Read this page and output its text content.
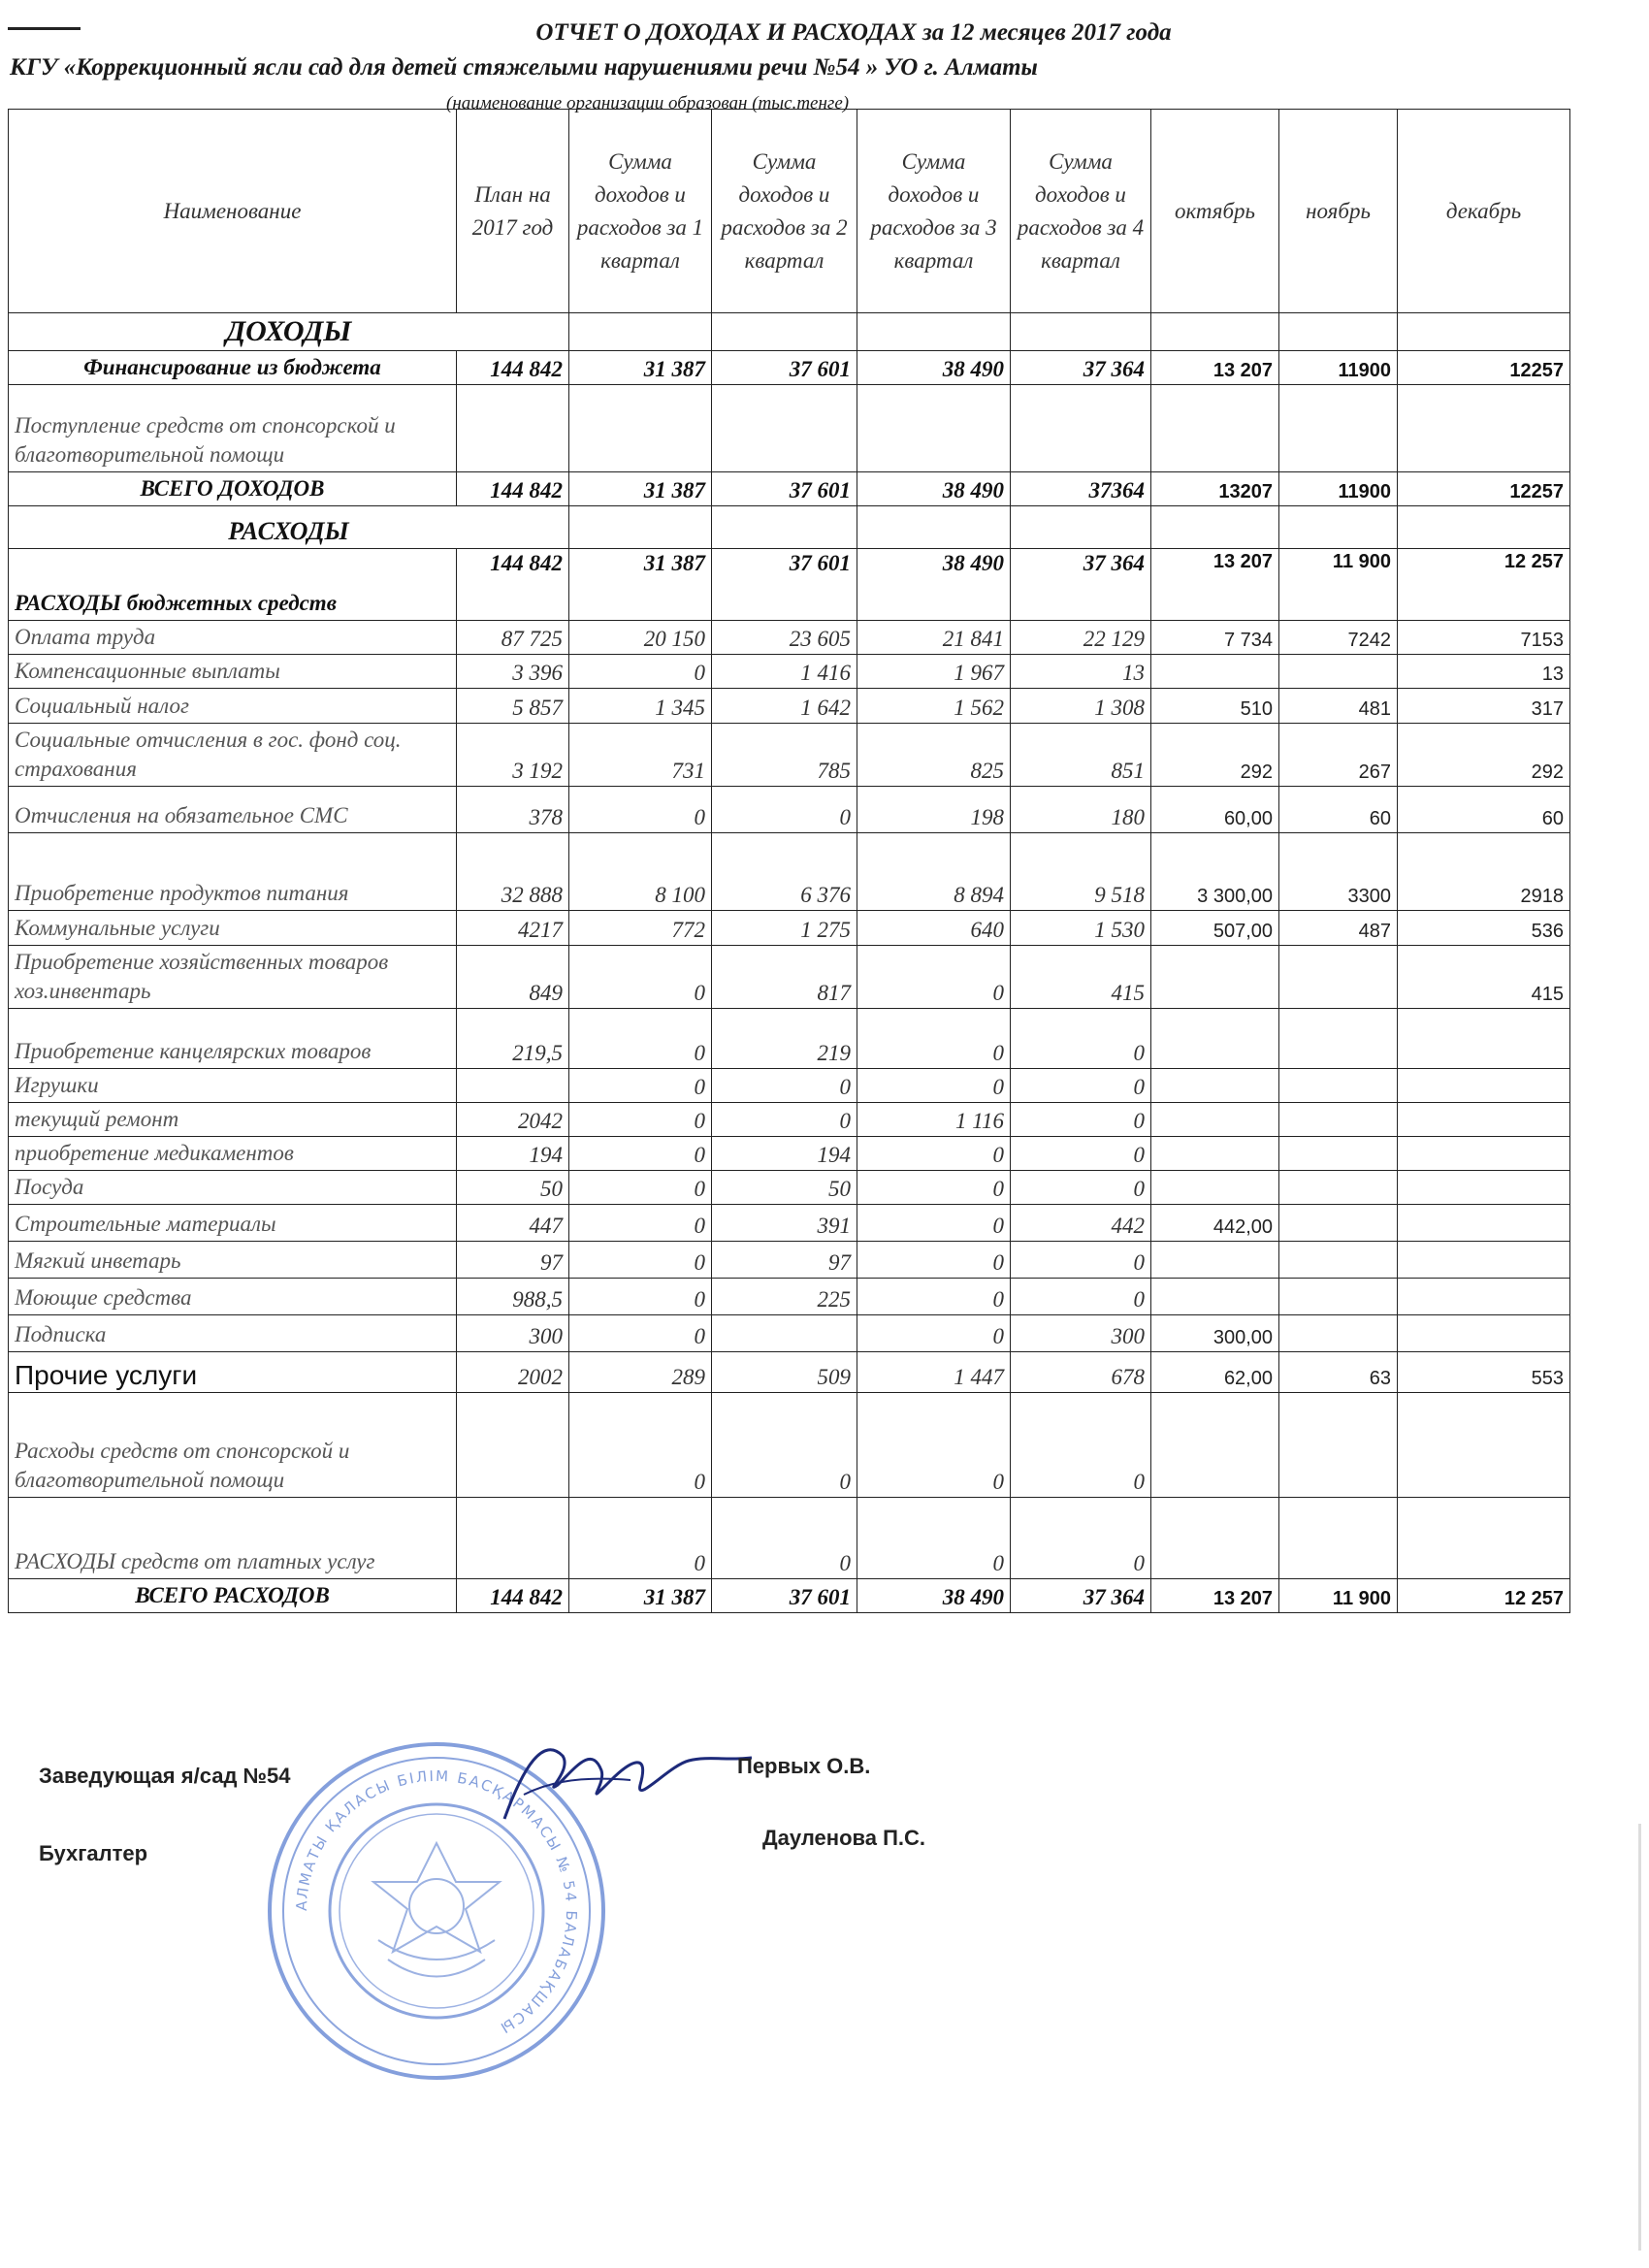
ОТЧЕТ О ДОХОДАХ И РАСХОДАХ за 12 месяцев 2017 года
КГУ «Коррекционный ясли сад для детей стяжелыми нарушениями речи №54 » УО г. Алматы
(наименование организации образован (тыс.тенге)
Наименование	План на 2017 год	Сумма доходов и расходов за 1 квартал	Сумма доходов и расходов за 2 квартал	Сумма доходов и расходов за 3 квартал	Сумма доходов и расходов за 4 квартал	октябрь	ноябрь	декабрь
ДОХОДЫ								
Финансирование из бюджета	144 842	31 387	37 601	38 490	37 364	13 207	11900	12257
Поступление средств от спонсорской и благотворительной помощи								
ВСЕГО ДОХОДОВ	144 842	31 387	37 601	38 490	37364	13207	11900	12257
РАСХОДЫ								
РАСХОДЫ бюджетных средств	144 842	31 387	37 601	38 490	37 364	13 207	11 900	12 257
Оплата труда	87 725	20 150	23 605	21 841	22 129	7 734	7242	7153
Компенсационные выплаты	3 396	0	1 416	1 967	13			13
Социальный налог	5 857	1 345	1 642	1 562	1 308	510	481	317
Социальные отчисления в гос. фонд соц. страхования	3 192	731	785	825	851	292	267	292
Отчисления на обязательное СМС	378	0	0	198	180	60,00	60	60
Приобретение продуктов питания	32 888	8 100	6 376	8 894	9 518	3 300,00	3300	2918
Коммунальные услуги	4217	772	1 275	640	1 530	507,00	487	536
Приобретение хозяйственных товаров хоз.инвентарь	849	0	817	0	415			415
Приобретение канцелярских товаров	219,5	0	219	0	0			
Игрушки		0	0	0	0			
текущий ремонт	2042	0	0	1 116	0			
приобретение медикаментов	194	0	194	0	0			
Посуда	50	0	50	0	0			
Строительные материалы	447	0	391	0	442	442,00		
Мягкий инветарь	97	0	97	0	0			
Моющие средства	988,5	0	225	0	0			
Подписка	300	0		0	300	300,00		
Прочие услуги	2002	289	509	1 447	678	62,00	63	553
Расходы средств от спонсорской и благотворительной помощи		0	0	0	0			
РАСХОДЫ средств от платных услуг		0	0	0	0			
ВСЕГО РАСХОДОВ	144 842	31 387	37 601	38 490	37 364	13 207	11 900	12 257
АЛМАТЫ ҚАЛАСЫ БІЛІМ БАСҚАРМАСЫ № 54 БАЛАБАҚШАСЫ
Заведующая я/сад №54	Первых О.В.
Бухгалтер
Дауленова П.С.
